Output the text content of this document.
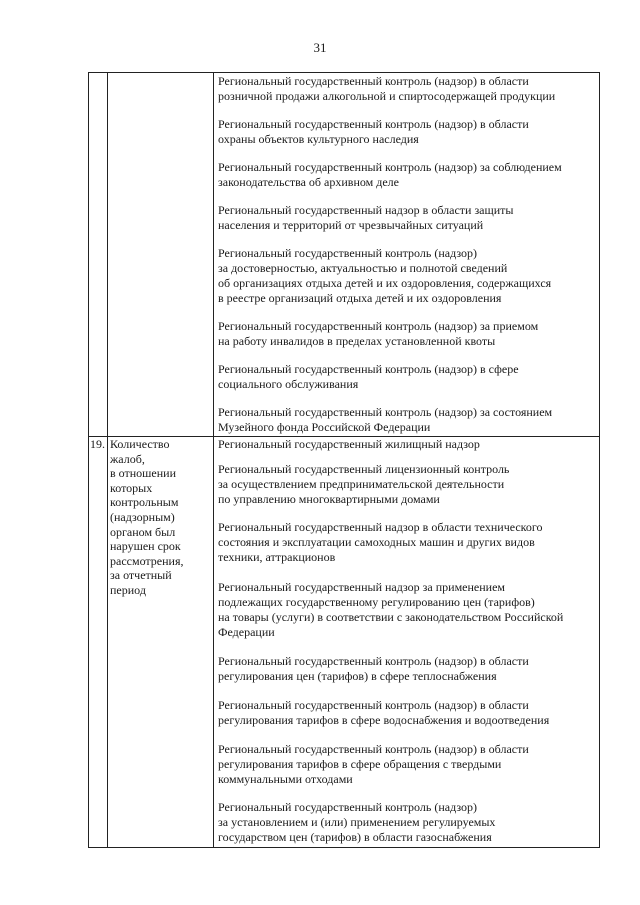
31
19. Количество
жалоб,
в отношении
которых
контрольным
(надзорным)
органом был
нарушен срок
рассмотрения,
за отчетный
период
Региональный государственный контроль (надзор) в области
розничной продажи алкогольной и спиртосодержащей продукции
Региональный государственный контроль (надзор) в области
охраны объектов культурного наследия
Региональный государственный контроль (надзор) за соблюдением
законодательства об архивном деле
Региональный государственный надзор в области защиты
населения и территорий от чрезвычайных ситуаций
Региональный государственный контроль (надзор)
за достоверностью, актуальностью и полнотой сведений
об организациях отдыха детей и их оздоровления, содержащихся
в реестре организаций отдыха детей и их оздоровления
Региональный государственный контроль (надзор) за приемом
на работу инвалидов в пределах установленной квоты
Региональный государственный контроль (надзор) в сфере
социального обслуживания
Региональный государственный контроль (надзор) за состоянием
Музейного фонда Российской Федерации
Региональный государственный жилищный надзор
Региональный государственный лицензионный контроль
за осуществлением предпринимательской деятельности
по управлению многоквартирными домами
Региональный государственный надзор в области технического
состояния и эксплуатации самоходных машин и других видов
техники, аттракционов
Региональный государственный надзор за применением
подлежащих государственному регулированию цен (тарифов)
на товары (услуги) в соответствии с законодательством Российской
Федерации
Региональный государственный контроль (надзор) в области
регулирования цен (тарифов) в сфере теплоснабжения
Региональный государственный контроль (надзор) в области
регулирования тарифов в сфере водоснабжения и водоотведения
Региональный государственный контроль (надзор) в области
регулирования тарифов в сфере обращения с твердыми
коммунальными отходами
Региональный государственный контроль (надзор)
за установлением и (или) применением регулируемых
государством цен (тарифов) в области газоснабжения
